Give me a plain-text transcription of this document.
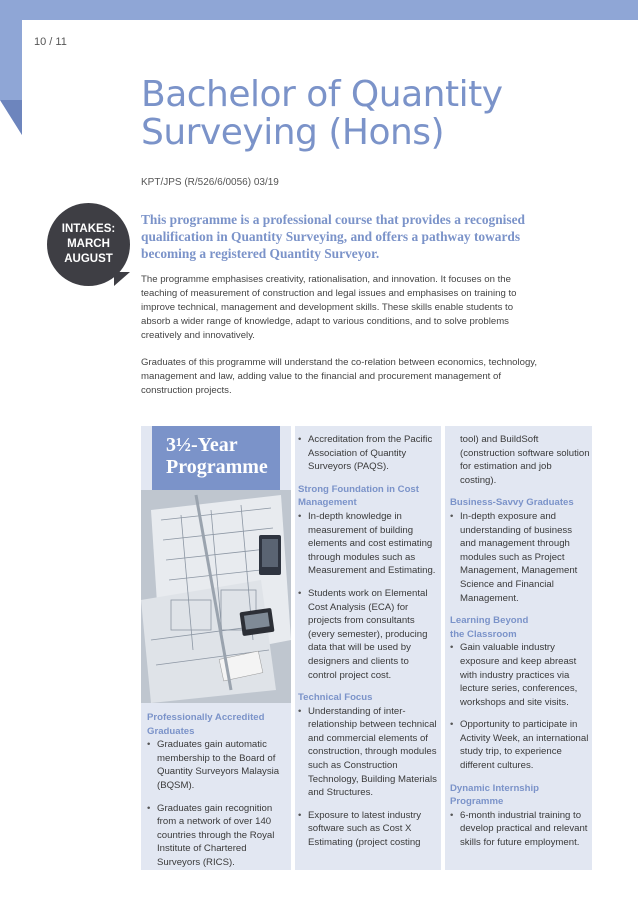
10 / 11
Bachelor of Quantity
Surveying (Hons)
KPT/JPS (R/526/6/0056) 03/19
INTAKES:
MARCH
AUGUST
This programme is a professional course that provides a recognised qualification in Quantity Surveying, and offers a pathway towards becoming a registered Quantity Surveyor.
The programme emphasises creativity, rationalisation, and innovation. It focuses on the teaching of measurement of construction and legal issues and emphasises on training to improve technical, management and development skills. These skills enable students to absorb a wider range of knowledge, adapt to various conditions, and to solve problems creatively and innovatively.
Graduates of this programme will understand the co-relation between economics, technology, management and law, adding value to the financial and procurement management of construction projects.
3½-Year
Programme
Professionally Accredited Graduates
• Graduates gain automatic membership to the Board of Quantity Surveyors Malaysia (BQSM).
• Graduates gain recognition from a network of over 140 countries through the Royal Institute of Chartered Surveyors (RICS).
• Accreditation from the Pacific Association of Quantity Surveyors (PAQS).
Strong Foundation in Cost Management
• In-depth knowledge in measurement of building elements and cost estimating through modules such as Measurement and Estimating.
• Students work on Elemental Cost Analysis (ECA) for projects from consultants (every semester), producing data that will be used by designers and clients to control project cost.
Technical Focus
• Understanding of inter-relationship between technical and commercial elements of construction, through modules such as Construction Technology, Building Materials and Structures.
• Exposure to latest industry software such as Cost X Estimating (project costing
tool) and BuildSoft (construction software solution for estimation and job costing).
Business-Savvy Graduates
• In-depth exposure and understanding of business and management through modules such as Project Management, Management Science and Financial Management.
Learning Beyond
the Classroom
• Gain valuable industry exposure and keep abreast with industry practices via lecture series, conferences, workshops and site visits.
• Opportunity to participate in Activity Week, an international study trip, to experience different cultures.
Dynamic Internship Programme
• 6-month industrial training to develop practical and relevant skills for future employment.
